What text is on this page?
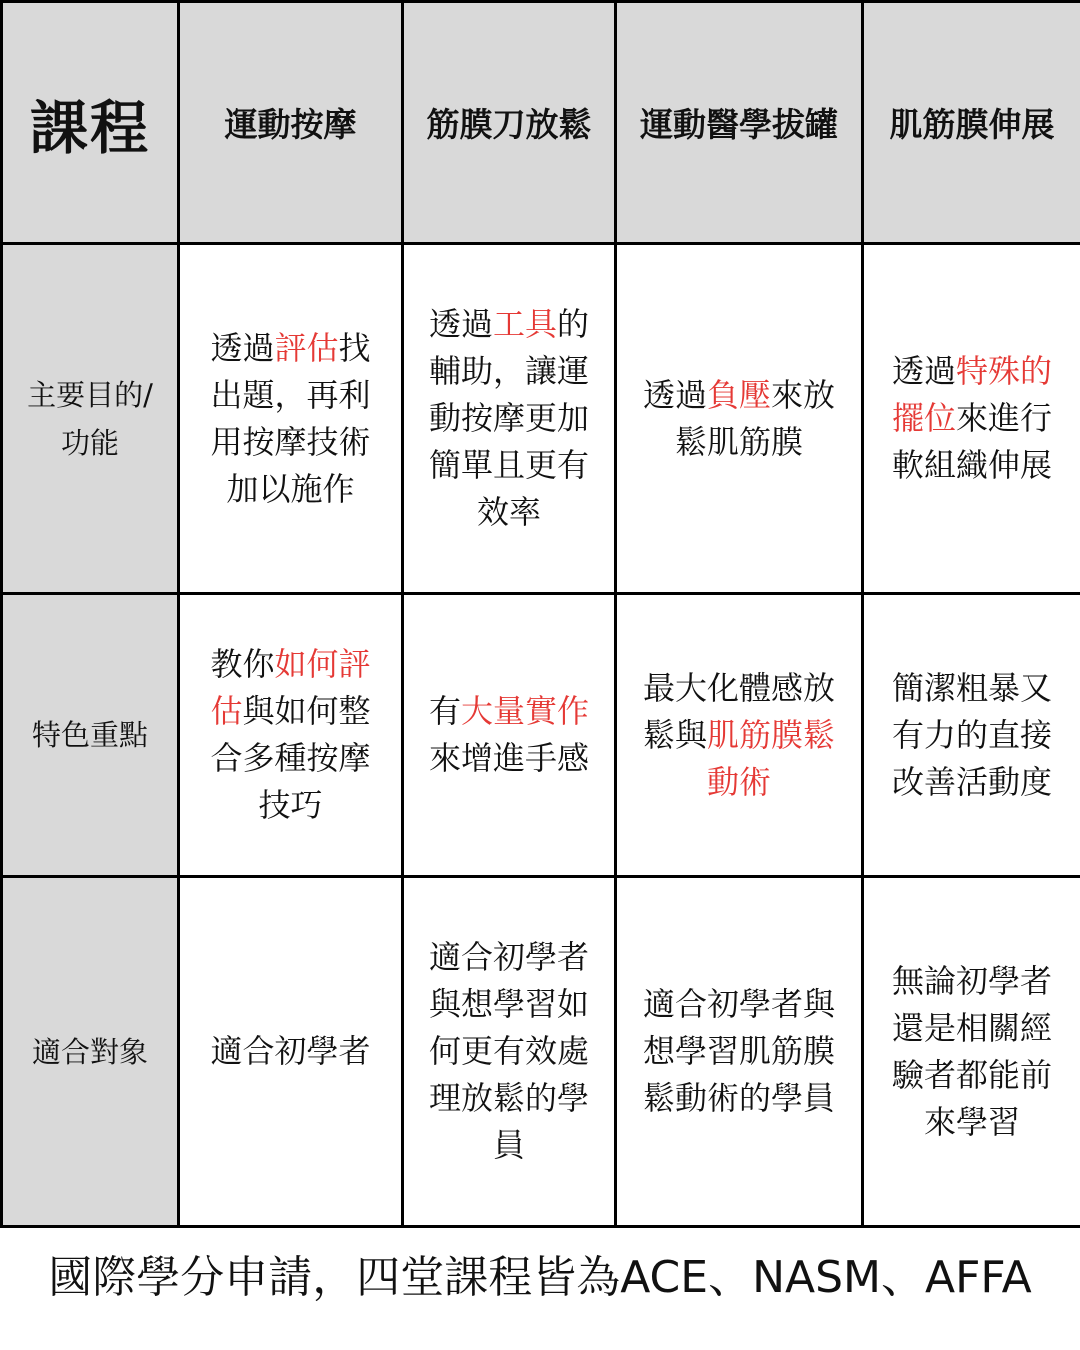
課程	運動按摩	筋膜刀放鬆	運動醫學拔罐	肌筋膜伸展
主要目的/功能	透過評估找出題，再利用按摩技術加以施作	透過工具的輔助，讓運動按摩更加簡單且更有效率	透過負壓來放鬆肌筋膜	透過特殊的擺位來進行軟組織伸展
特色重點	教你如何評估與如何整合多種按摩技巧	有大量實作來增進手感	最大化體感放鬆與肌筋膜鬆動術	簡潔粗暴又有力的直接改善活動度
適合對象	適合初學者	適合初學者與想學習如何更有效處理放鬆的學員	適合初學者與想學習肌筋膜鬆動術的學員	無論初學者還是相關經驗者都能前來學習
國際學分申請，四堂課程皆為ACE、NASM、AFFA
